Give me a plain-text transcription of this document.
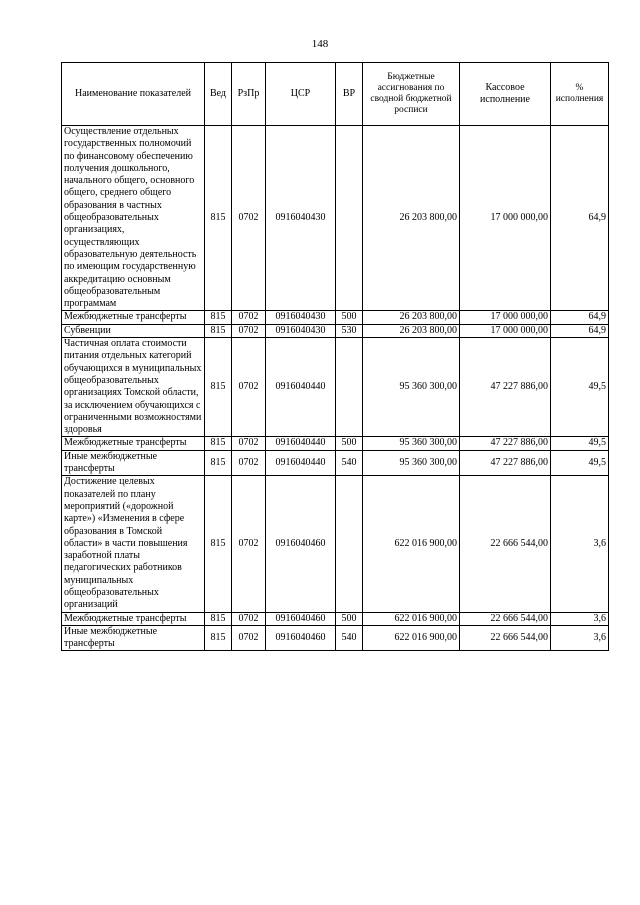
148
Наименование показателей	Вед	РзПр	ЦСР	ВР	Бюджетные ассигнования по сводной бюджетной росписи	Кассовое исполнение	% исполнения
Осуществление отдельных государственных полномочий по финансовому обеспечению получения дошкольного, начального общего, основного общего, среднего общего образования в частных общеобразовательных организациях, осуществляющих образовательную деятельность по имеющим государственную аккредитацию основным общеобразовательным программам	815	0702	0916040430		26 203 800,00	17 000 000,00	64,9
Межбюджетные трансферты	815	0702	0916040430	500	26 203 800,00	17 000 000,00	64,9
Субвенции	815	0702	0916040430	530	26 203 800,00	17 000 000,00	64,9
Частичная оплата стоимости питания отдельных категорий обучающихся в муниципальных общеобразовательных организациях Томской области, за исключением обучающихся с ограниченными возможностями здоровья	815	0702	0916040440		95 360 300,00	47 227 886,00	49,5
Межбюджетные трансферты	815	0702	0916040440	500	95 360 300,00	47 227 886,00	49,5
Иные межбюджетные трансферты	815	0702	0916040440	540	95 360 300,00	47 227 886,00	49,5
Достижение целевых показателей по плану мероприятий («дорожной карте») «Изменения в сфере образования в Томской области» в части повышения заработной платы педагогических работников муниципальных общеобразовательных организаций	815	0702	0916040460		622 016 900,00	22 666 544,00	3,6
Межбюджетные трансферты	815	0702	0916040460	500	622 016 900,00	22 666 544,00	3,6
Иные межбюджетные трансферты	815	0702	0916040460	540	622 016 900,00	22 666 544,00	3,6
